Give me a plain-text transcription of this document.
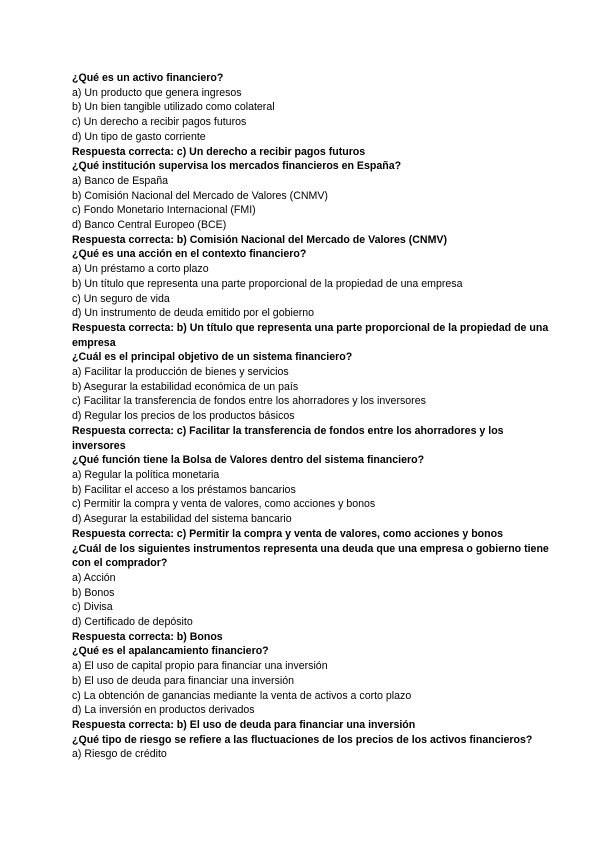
¿Qué es un activo financiero?
a) Un producto que genera ingresos
b) Un bien tangible utilizado como colateral
c) Un derecho a recibir pagos futuros
d) Un tipo de gasto corriente
Respuesta correcta: c) Un derecho a recibir pagos futuros
¿Qué institución supervisa los mercados financieros en España?
a) Banco de España
b) Comisión Nacional del Mercado de Valores (CNMV)
c) Fondo Monetario Internacional (FMI)
d) Banco Central Europeo (BCE)
Respuesta correcta: b) Comisión Nacional del Mercado de Valores (CNMV)
¿Qué es una acción en el contexto financiero?
a) Un préstamo a corto plazo
b) Un título que representa una parte proporcional de la propiedad de una empresa
c) Un seguro de vida
d) Un instrumento de deuda emitido por el gobierno
Respuesta correcta: b) Un título que representa una parte proporcional de la propiedad de una empresa
¿Cuál es el principal objetivo de un sistema financiero?
a) Facilitar la producción de bienes y servicios
b) Asegurar la estabilidad económica de un país
c) Facilitar la transferencia de fondos entre los ahorradores y los inversores
d) Regular los precios de los productos básicos
Respuesta correcta: c) Facilitar la transferencia de fondos entre los ahorradores y los inversores
¿Qué función tiene la Bolsa de Valores dentro del sistema financiero?
a) Regular la política monetaria
b) Facilitar el acceso a los préstamos bancarios
c) Permitir la compra y venta de valores, como acciones y bonos
d) Asegurar la estabilidad del sistema bancario
Respuesta correcta: c) Permitir la compra y venta de valores, como acciones y bonos
¿Cuál de los siguientes instrumentos representa una deuda que una empresa o gobierno tiene con el comprador?
a) Acción
b) Bonos
c) Divisa
d) Certificado de depósito
Respuesta correcta: b) Bonos
¿Qué es el apalancamiento financiero?
a) El uso de capital propio para financiar una inversión
b) El uso de deuda para financiar una inversión
c) La obtención de ganancias mediante la venta de activos a corto plazo
d) La inversión en productos derivados
Respuesta correcta: b) El uso de deuda para financiar una inversión
¿Qué tipo de riesgo se refiere a las fluctuaciones de los precios de los activos financieros?
a) Riesgo de crédito
